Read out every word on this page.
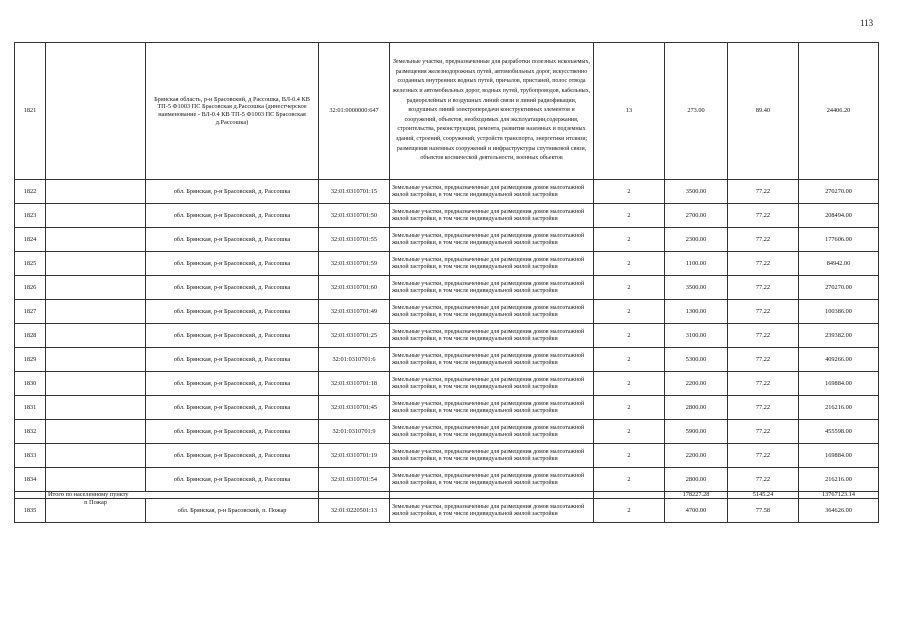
113
1821		Брянская область, р-н Брасовский, д Рассошка, ВЛ-0.4 КВ ТП-5 Ф1003 ПС Брасовская д.Рассошка (динестчерское наименование - ВЛ-0.4 КВ ТП-5 Ф1003 ПС Брасовская д.Рассошка)	32:01:0000000:647	Земельные участки, предназначенные для разработки полезных ископаемых, размещения железнодорожных путей, автомобильных дорог, искусственно созданных внутренних водных путей, причалов, пристаней, полос отвода железных и автомобильных дорог, водных путей, трубопроводов, кабельных, радиорелейных и воздушных линий связи и линий радиофикации, воздушных линий электропередачи конструктивных элементов и сооружений, объектов, необходимых для эксплуатации,содержания, строительства, реконструкции, ремонта, развития наземных и подземных зданий, строений, сооружений, устройств транспорта, энергетики итсвязи; размещения наземных сооружений и инфраструктуры спутниковой связи, объектов космической деятельности, военных объектов	13	273.00	89.40	24406.20
1822		обл. Брянская, р-н Брасовский, д. Рассошка	32:01:0310701:15	Земельные участки, предназначенные для размещения домов малоэтажной жилой застройки, в том числе индивидуальной жилой застройки	2	3500.00	77.22	270270.00
1823		обл. Брянская, р-н Брасовский, д. Рассошка	32:01:0310701:50	Земельные участки, предназначенные для размещения домов малоэтажной жилой застройки, в том числе индивидуальной жилой застройки	2	2700.00	77.22	208494.00
1824		обл. Брянская, р-н Брасовский, д. Рассошка	32:01:0310701:55	Земельные участки, предназначенные для размещения домов малоэтажной жилой застройки, в том числе индивидуальной жилой застройки	2	2300.00	77.22	177606.00
1825		обл. Брянская, р-н Брасовский, д. Рассошка	32:01:0310701:59	Земельные участки, предназначенные для размещения домов малоэтажной жилой застройки, в том числе индивидуальной жилой застройки	2	1100.00	77.22	84942.00
1826		обл. Брянская, р-н Брасовский, д. Рассошка	32:01:0310701:60	Земельные участки, предназначенные для размещения домов малоэтажной жилой застройки, в том числе индивидуальной жилой застройки	2	3500.00	77.22	270270.00
1827		обл. Брянская, р-н Брасовский, д. Рассошка	32:01:0310701:49	Земельные участки, предназначенные для размещения домов малоэтажной жилой застройки, в том числе индивидуальной жилой застройки	2	1300.00	77.22	100386.00
1828		обл. Брянская, р-н Брасовский, д. Рассошка	32:01:0310701:25	Земельные участки, предназначенные для размещения домов малоэтажной жилой застройки, в том числе индивидуальной жилой застройки	2	3100.00	77.22	239382.00
1829		обл. Брянская, р-н Брасовский, д. Рассошка	32:01:0310701:6	Земельные участки, предназначенные для размещения домов малоэтажной жилой застройки, в том числе индивидуальной жилой застройки	2	5300.00	77.22	409266.00
1830		обл. Брянская, р-н Брасовский, д. Рассошка	32:01:0310701:18	Земельные участки, предназначенные для размещения домов малоэтажной жилой застройки, в том числе индивидуальной жилой застройки	2	2200.00	77.22	169884.00
1831		обл. Брянская, р-н Брасовский, д. Рассошка	32:01:0310701:45	Земельные участки, предназначенные для размещения домов малоэтажной жилой застройки, в том числе индивидуальной жилой застройки	2	2800.00	77.22	216216.00
1832		обл. Брянская, р-н Брасовский, д. Рассошка	32:01:0310701:9	Земельные участки, предназначенные для размещения домов малоэтажной жилой застройки, в том числе индивидуальной жилой застройки	2	5900.00	77.22	455598.00
1833		обл. Брянская, р-н Брасовский, д. Рассошка	32:01:0310701:19	Земельные участки, предназначенные для размещения домов малоэтажной жилой застройки, в том числе индивидуальной жилой застройки	2	2200.00	77.22	169884.00
1834		обл. Брянская, р-н Брасовский, д. Рассошка	32:01:0310701:54	Земельные участки, предназначенные для размещения домов малоэтажной жилой застройки, в том числе индивидуальной жилой застройки	2	2800.00	77.22	216216.00
	Итого по населенному пункту					178227.28	5145.24	13767123.14
1835	п Пожар	обл. Брянская, р-н Брасовский, п. Пожар	32:01:0220501:13	Земельные участки, предназначенные для размещения домов малоэтажной жилой застройки, в том числе индивидуальной жилой застройки	2	4700.00	77.58	364626.00
